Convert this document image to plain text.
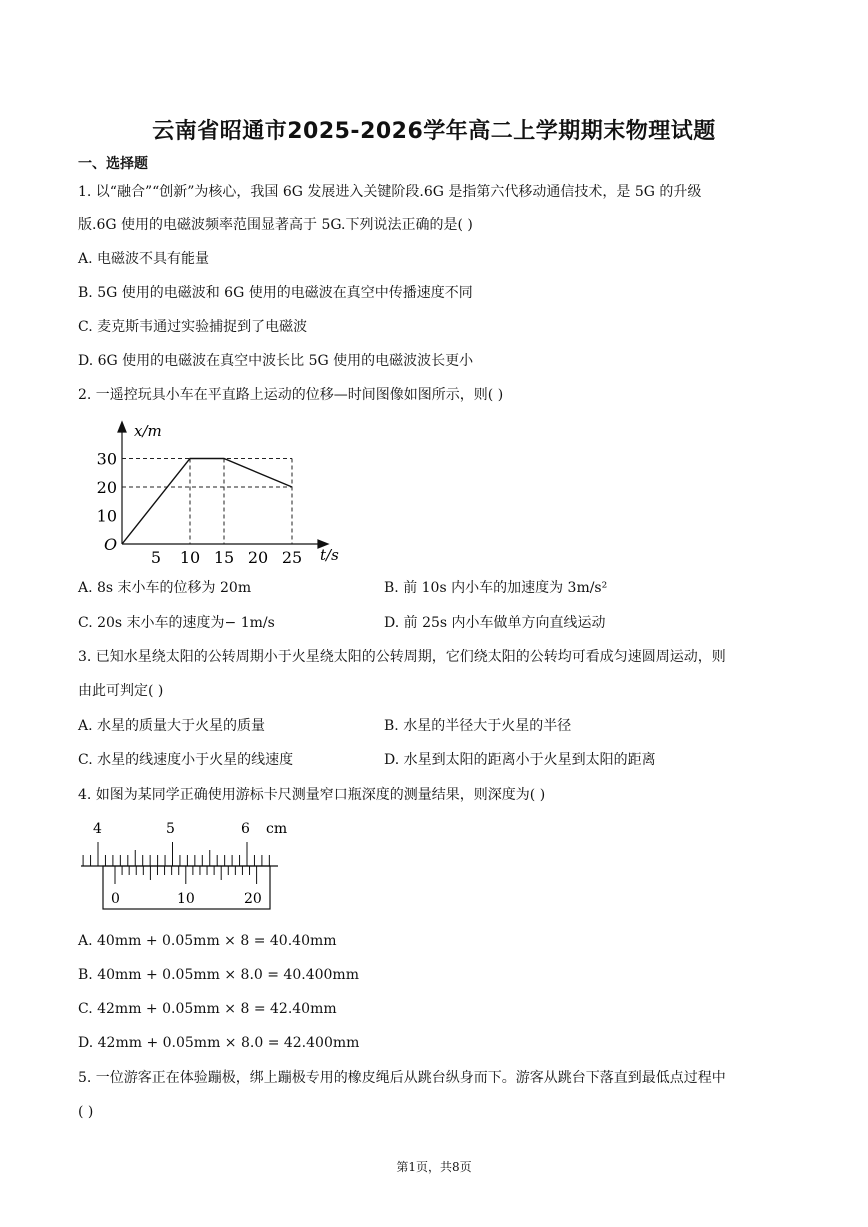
云南省昭通市2025-2026学年高二上学期期末物理试题
一、选择题
1. 以“融合”“创新”为核心，我国 6G 发展进入关键阶段.6G 是指第六代移动通信技术，是 5G 的升级
版.6G 使用的电磁波频率范围显著高于 5G.下列说法正确的是( )
A. 电磁波不具有能量
B. 5G 使用的电磁波和 6G 使用的电磁波在真空中传播速度不同
C. 麦克斯韦通过实验捕捉到了电磁波
D. 6G 使用的电磁波在真空中波长比 5G 使用的电磁波波长更小
2. 一遥控玩具小车在平直路上运动的位移—时间图像如图所示，则( )
5 10 15 20 25
10
20
30
x/m
t/s
O
A. 8s 末小车的位移为 20m	B. 前 10s 内小车的加速度为 3m/s²
C. 20s 末小车的速度为− 1m/s	D. 前 25s 内小车做单方向直线运动
3. 已知水星绕太阳的公转周期小于火星绕太阳的公转周期，它们绕太阳的公转均可看成匀速圆周运动，则
由此可判定( )
A. 水星的质量大于火星的质量	B. 水星的半径大于火星的半径
C. 水星的线速度小于火星的线速度	D. 水星到太阳的距离小于火星到太阳的距离
4. 如图为某同学正确使用游标卡尺测量窄口瓶深度的测量结果，则深度为( )
4	5	6 cm
0	10	20
A. 40mm + 0.05mm × 8 = 40.40mm
B. 40mm + 0.05mm × 8.0 = 40.400mm
C. 42mm + 0.05mm × 8 = 42.40mm
D. 42mm + 0.05mm × 8.0 = 42.400mm
5. 一位游客正在体验蹦极，绑上蹦极专用的橡皮绳后从跳台纵身而下。游客从跳台下落直到最低点过程中
( )
第1页，共8页
